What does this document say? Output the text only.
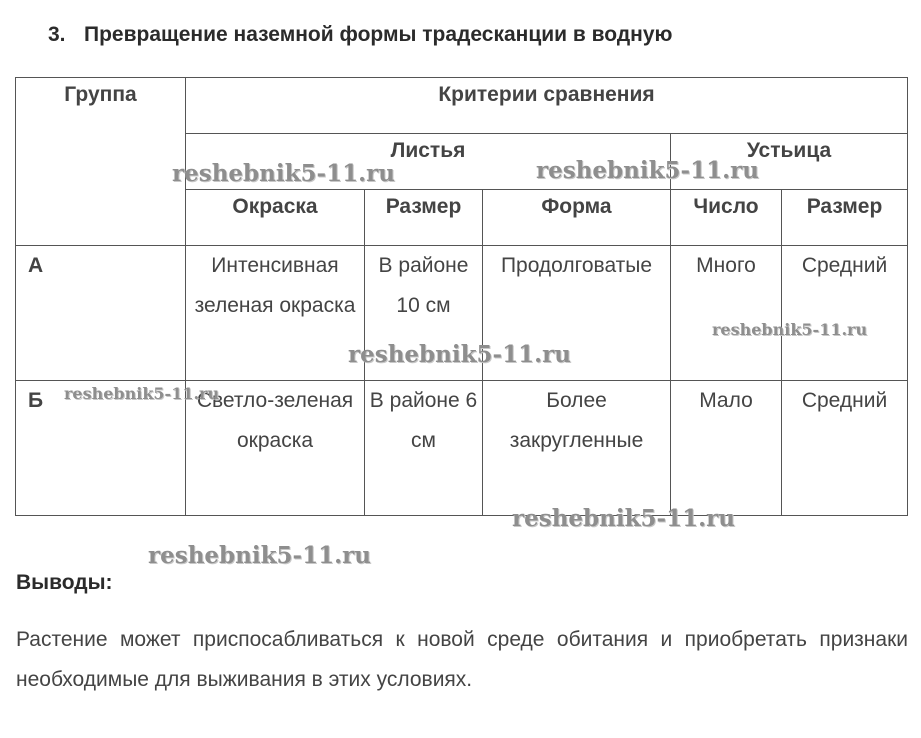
3. Превращение наземной формы традесканции в водную
Группа	Критерии сравнения				
	Листья			Устьица	
	Окраска	Размер	Форма	Число	Размер
А	Интенсивная зеленая окраска	В районе 10 см	Продолговатые	Много	Средний
Б	Светло-зеленая окраска	В районе 6 см	Более закругленные	Мало	Средний
Выводы:
Растение может приспосабливаться к новой среде обитания и приобретать признаки необходимые для выживания в этих условиях.
reshebnik5-11.ru	reshebnik5-11.ru
reshebnik5-11.ru
reshebnik5-11.ru
reshebnik5-11.ru
reshebnik5-11.ru
reshebnik5-11.ru
